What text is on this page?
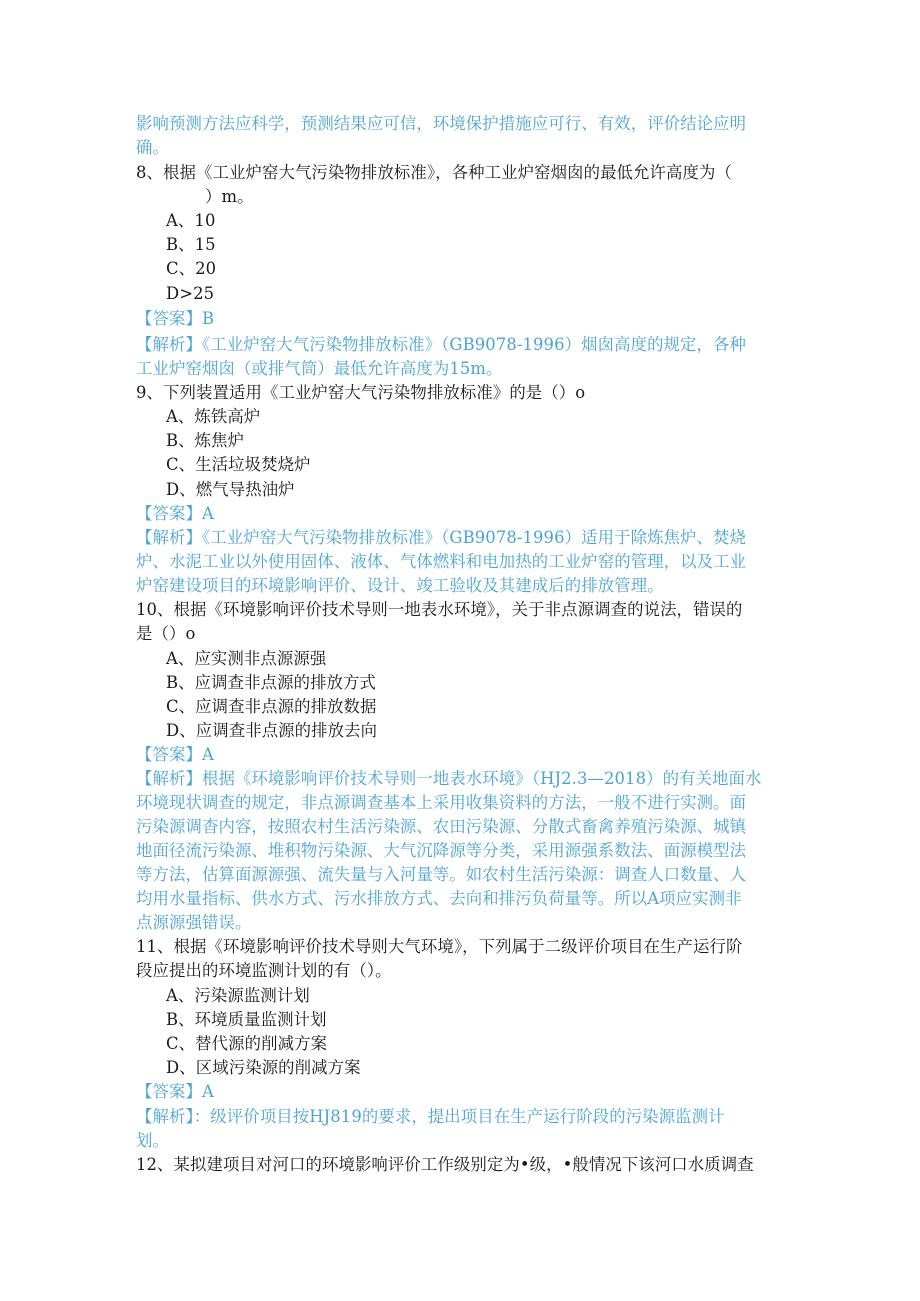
影响预测方法应科学，预测结果应可信，环境保护措施应可行、有效，评价结论应明
确。
8、根据《工业炉窑大气污染物排放标准》，各种工业炉窑烟囱的最低允许高度为（
）m。
A、10
B、15
C、20
D>25
【答案】B
【解析】《工业炉窑大气污染物排放标准》（GB9078-1996）烟囱高度的规定，各种
工业炉窑烟囱（或排气筒）最低允许高度为15m。
9、下列装置适用《工业炉窑大气污染物排放标准》的是（）o
A、炼铁高炉
B、炼焦炉
C、生活垃圾焚烧炉
D、燃气导热油炉
【答案】A
【解析】《工业炉窑大气污染物排放标准》（GB9078-1996）适用于除炼焦炉、焚烧
炉、水泥工业以外使用固体、液体、气体燃料和电加热的工业炉窑的管理，以及工业
炉窑建设项目的环境影响评价、设计、竣工验收及其建成后的排放管理。
10、根据《环境影响评价技术导则一地表水环境》，关于非点源调查的说法，错误的
是（）o
A、应实测非点源源强
B、应调查非点源的排放方式
C、应调查非点源的排放数据
D、应调查非点源的排放去向
【答案】A
【解析】根据《环境影响评价技术导则一地表水环境》（HJ2.3—2018）的有关地面水
环境现状调查的规定，非点源调查基本上采用收集资料的方法，一般不进行实测。面
污染源调杳内容，按照农村生活污染源、农田污染源、分散式畜禽养殖污染源、城镇
地面径流污染源、堆积物污染源、大气沉降源等分类，采用源强系数法、面源模型法
等方法，估算面源源强、流失量与入河量等。如农村生活污染源：调查人口数量、人
均用水量指标、供水方式、污水排放方式、去向和排污负荷量等。所以A项应实测非
点源源强错误。
11、根据《环境影响评价技术导则大气环境》，下列属于二级评价项目在生产运行阶
段应提出的环境监测计划的有（）。
A、污染源监测计划
B、环境质量监测计划
C、替代源的削减方案
D、区域污染源的削减方案
【答案】A
【解析】：级评价项目按HJ819的要求，提出项目在生产运行阶段的污染源监测计
划。
12、某拟建项目对河口的环境影响评价工作级别定为•级，•般情况下该河口水质调查
